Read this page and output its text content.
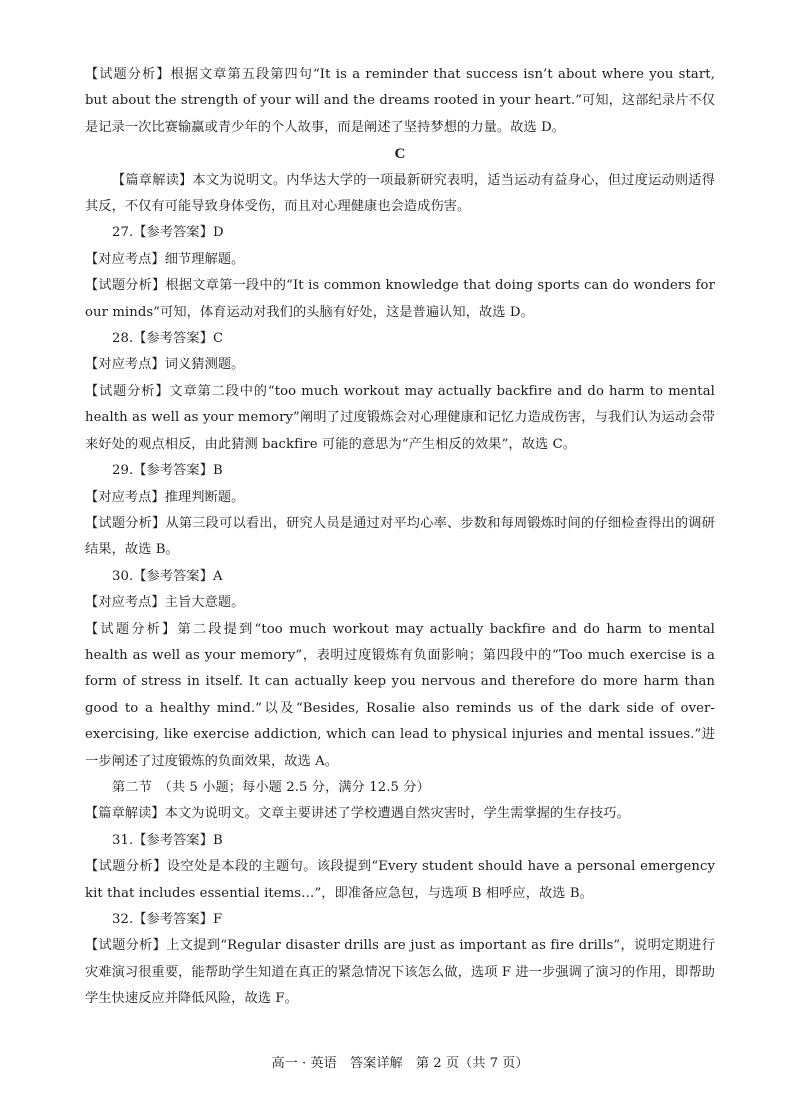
【试题分析】根据文章第五段第四句“It is a reminder that success isn’t about where you start, but about the strength of your will and the dreams rooted in your heart.”可知，这部纪录片不仅是记录一次比赛输赢或青少年的个人故事，而是阐述了坚持梦想的力量。故选 D。

C

【篇章解读】本文为说明文。内华达大学的一项最新研究表明，适当运动有益身心，但过度运动则适得其反，不仅有可能导致身体受伤，而且对心理健康也会造成伤害。

27.【参考答案】D

【对应考点】细节理解题。

【试题分析】根据文章第一段中的“It is common knowledge that doing sports can do wonders for our minds”可知，体育运动对我们的头脑有好处，这是普遍认知，故选 D。

28.【参考答案】C

【对应考点】词义猜测题。

【试题分析】文章第二段中的“too much workout may actually backfire and do harm to mental health as well as your memory”阐明了过度锻炼会对心理健康和记忆力造成伤害，与我们认为运动会带来好处的观点相反，由此猜测 backfire 可能的意思为“产生相反的效果”，故选 C。

29.【参考答案】B

【对应考点】推理判断题。

【试题分析】从第三段可以看出，研究人员是通过对平均心率、步数和每周锻炼时间的仔细检查得出的调研结果，故选 B。

30.【参考答案】A

【对应考点】主旨大意题。

【试题分析】第二段提到“too much workout may actually backfire and do harm to mental health as well as your memory”，表明过度锻炼有负面影响；第四段中的“Too much exercise is a form of stress in itself. It can actually keep you nervous and therefore do more harm than good to a healthy mind.”以及“Besides, Rosalie also reminds us of the dark side of over-exercising, like exercise addiction, which can lead to physical injuries and mental issues.”进一步阐述了过度锻炼的负面效果，故选 A。

第二节　（共 5 小题；每小题 2.5 分，满分 12.5 分）

【篇章解读】本文为说明文。文章主要讲述了学校遭遇自然灾害时，学生需掌握的生存技巧。

31.【参考答案】B

【试题分析】设空处是本段的主题句。该段提到“Every student should have a personal emergency kit that includes essential items…”，即准备应急包，与选项 B 相呼应，故选 B。

32.【参考答案】F

【试题分析】上文提到“Regular disaster drills are just as important as fire drills”，说明定期进行灾难演习很重要，能帮助学生知道在真正的紧急情况下该怎么做，选项 F 进一步强调了演习的作用，即帮助学生快速反应并降低风险，故选 F。

高一 · 英语　答案详解　第 2 页（共 7 页）
